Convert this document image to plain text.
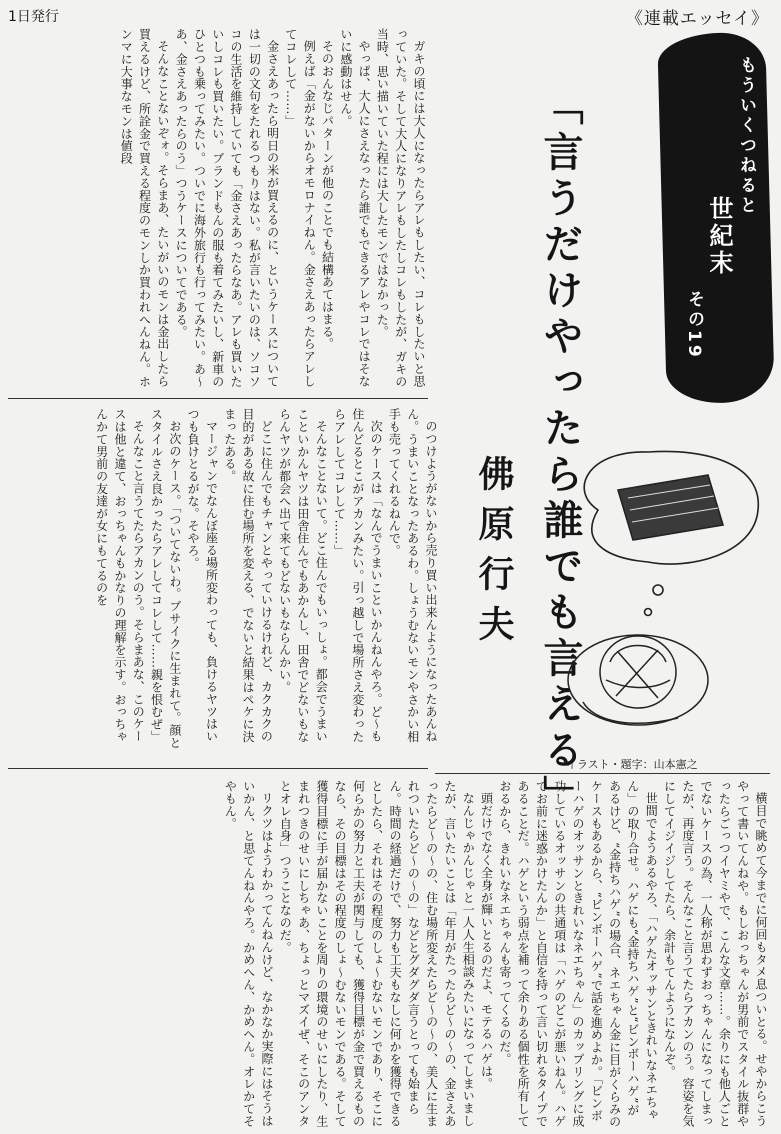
1日発行	《連載エッセイ》

ガキの頃には大人になったらアレもしたい、コレもしたいと思っていた。そして大人になりアレもしたしコレもしたが、ガキの当時、思い描いていた程には大したモンではなかった。

やっぱ、大人にさえなったら誰でもできるアレやコレではそないに感動はせん。

そのおんなじパターンが他のことでも結構あてはまる。

例えば「金がないからオモロナイねん。金さえあったらアレしてコレして……」

金さえあったら明日の米が買えるのに、というケースについては一切の文句をたれるつもりはない。私が言いたいのは、ソコソコの生活を維持していても「金さえあったらなあ。アレも買いたいしコレも買いたい。ブランドもんの服も着てみたいし、新車のひとつも乗ってみたい。ついでに海外旅行も行ってみたい。あ〜あ、金さえあったらのう」つうケースについてである。

そんなことないぞォ。そらまあ、たいがいのモンは金出したら買えるけど、所詮金で買える程度のモンしか買われへんねん。ホンマに大事なモンは値段

のつけようがないから売り買い出来んようになったあんねん。うまいことなったあるわ。しょうむないモンやさかい相手も売ってくれるねんで。

次のケースは「なんでうまいこといかんねんやろ。ど〜も住んどるとこがアカンみたい。引っ越しで場所さえ変わったらアレしてコレして……」

そんなことないて。どこ住んでもいっしょ。都会でうまいこといかんヤツは田舎住んでもあかんし、田舎でどないもならんヤツが都会へ出て来てもどないもならんかい。

どこに住んでもチャンとやっていけるけれど、カクカクの目的がある故に住む場所を変える、でないと結果はペケに決まったある。

マージャンでなんぼ座る場所変わっても、負けるヤツはいつも負けとるがな。そやろ。

お次のケース。「ついてないわ。ブサイクに生まれて。顔とスタイルさえ良かったらアレしてコレして……親を恨むぜ」

そんなこと言うてたらアカンのう。そらまあな、このケースは他と違て、おっちゃんもかなりの理解を示す。おっちゃんかて男前の友達が女にもてるのを

横目で眺めて今までに何回もタメ息ついとる。せやからこうやって書いてんねや。もしおっちゃんが男前でスタイル抜群やったらごっつイヤミやで、こんな文章……。余りにも他人ごとでないケースの為、一人称が思わずおっちゃんになってしまったが、再度言う。そんなこと言うてたらアカンのう。容姿を気にしてイジイジしてたら、余計もてんようになんぞ。

世間でようあるやろ、「ハゲたオッサンときれいなネエちゃん」の取り合せ。ハゲにも“金持ちハゲ”と“ビンボーハゲ”があるけど、“金持ちハゲ”の場合、ネエちゃん金に目がくらみのケースもあるから、“ビンボーハゲ”で話を進めよか。「ビンボーハゲのオッサンときれいなネエちゃん」のカップリングに成功しているオッサンの共通項は「ハゲのどこが悪いねん。ハゲでお前に迷惑かけたんか」と自信を持って言い切れるタイプであることだ。ハゲという弱点を補って余りある個性を所有しておるから、きれいなネエちゃんも寄ってくるのだ。

頭だけでなく全身が輝いとるのだよ、モテるハゲは。

なんじゃかんじゃと一人人生相談みたいになってしまいましたが、言いたいことは「年月がたったらど〜の〜の、金さえあったらど〜の〜の、住む場所変えたらど〜の〜の、美人に生まれついたらど〜の〜の」などとグダグダ言うとっても始まらん。時間の経過だけで、努力も工夫もなしに何かを獲得できるとしたら、それはその程度のしょ〜むないモンであり、そこに何らかの努力と工夫が関与しても、獲得目標が金で買えるものなら、その目標はその程度のしょ〜むないモンである。そして獲得目標に手が届かないことを周りの環境のせいにしたり、生まれつきのせいにしちゃあ、ちょっとマズイぜ、そこのアンタとオレ自身」つうことなのだ。

リクツはようわかってんねんけど、なかなか実際にはそうはいかん、と思てんねんやろ。かめへん、かめへん。オレかてそやもん。

もういくつねると
世紀末
その19
「言うだけやったら誰でも言える」
佛原行夫
イラスト・題字：山本憲之
